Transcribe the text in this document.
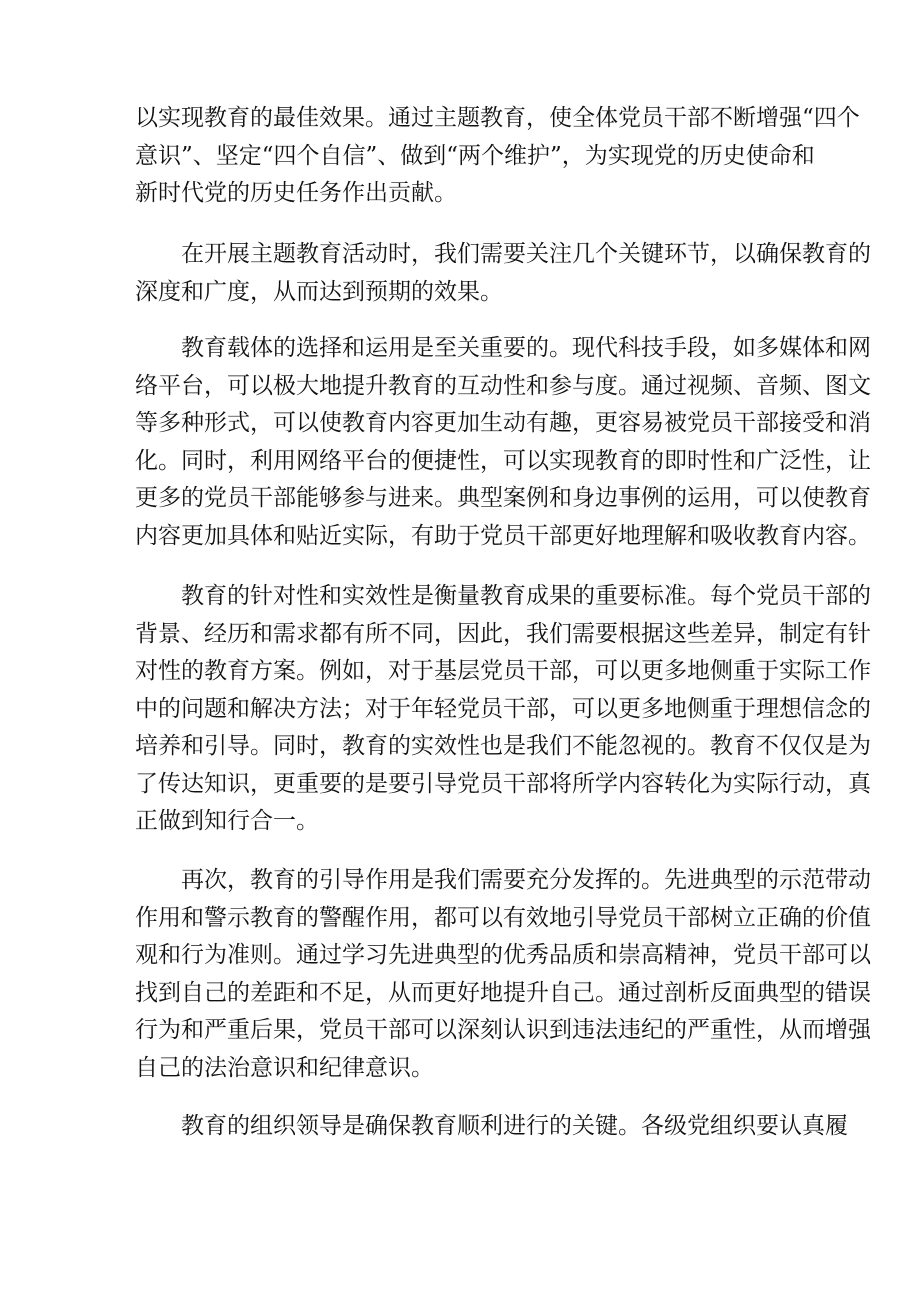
以实现教育的最佳效果。通过主题教育，使全体党员干部不断增强“四个
意识”、坚定“四个自信”、做到“两个维护”，为实现党的历史使命和
新时代党的历史任务作出贡献。
在开展主题教育活动时，我们需要关注几个关键环节，以确保教育的
深度和广度，从而达到预期的效果。
教育载体的选择和运用是至关重要的。现代科技手段，如多媒体和网
络平台，可以极大地提升教育的互动性和参与度。通过视频、音频、图文
等多种形式，可以使教育内容更加生动有趣，更容易被党员干部接受和消
化。同时，利用网络平台的便捷性，可以实现教育的即时性和广泛性，让
更多的党员干部能够参与进来。典型案例和身边事例的运用，可以使教育
内容更加具体和贴近实际，有助于党员干部更好地理解和吸收教育内容。
教育的针对性和实效性是衡量教育成果的重要标准。每个党员干部的
背景、经历和需求都有所不同，因此，我们需要根据这些差异，制定有针
对性的教育方案。例如，对于基层党员干部，可以更多地侧重于实际工作
中的问题和解决方法；对于年轻党员干部，可以更多地侧重于理想信念的
培养和引导。同时，教育的实效性也是我们不能忽视的。教育不仅仅是为
了传达知识，更重要的是要引导党员干部将所学内容转化为实际行动，真
正做到知行合一。
再次，教育的引导作用是我们需要充分发挥的。先进典型的示范带动
作用和警示教育的警醒作用，都可以有效地引导党员干部树立正确的价值
观和行为准则。通过学习先进典型的优秀品质和崇高精神，党员干部可以
找到自己的差距和不足，从而更好地提升自己。通过剖析反面典型的错误
行为和严重后果，党员干部可以深刻认识到违法违纪的严重性，从而增强
自己的法治意识和纪律意识。
教育的组织领导是确保教育顺利进行的关键。各级党组织要认真履
